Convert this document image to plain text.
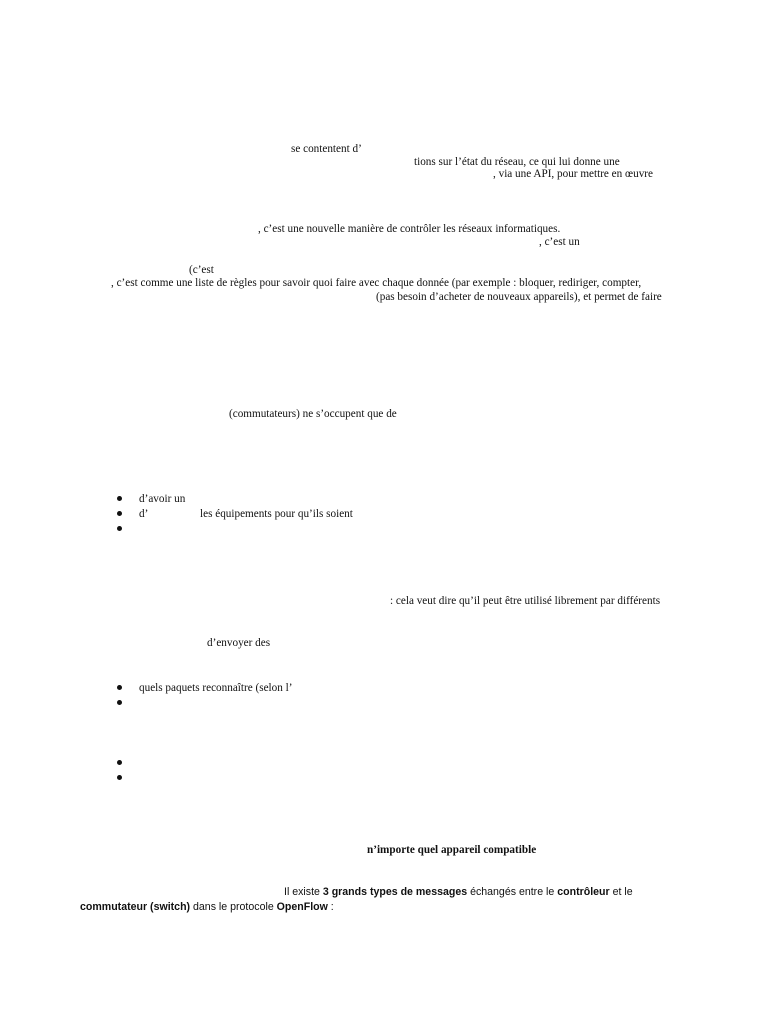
se contentent d’
tions sur l’état du réseau, ce qui lui donne une
, via une API, pour mettre en œuvre
, c’est une nouvelle manière de contrôler les réseaux informatiques.
, c’est un
(c’est
, c’est comme une liste de règles pour savoir quoi faire avec chaque donnée (par exemple : bloquer, rediriger, compter,
(pas besoin d’acheter de nouveaux appareils), et permet de faire
(commutateurs) ne s’occupent que de
d’avoir un
d’	les équipements pour qu’ils soient
: cela veut dire qu’il peut être utilisé librement par différents
d’envoyer des
quels paquets reconnaître (selon l’
n’importe quel appareil compatible
Il existe 3 grands types de messages échangés entre le contrôleur et le
commutateur (switch) dans le protocole OpenFlow :
